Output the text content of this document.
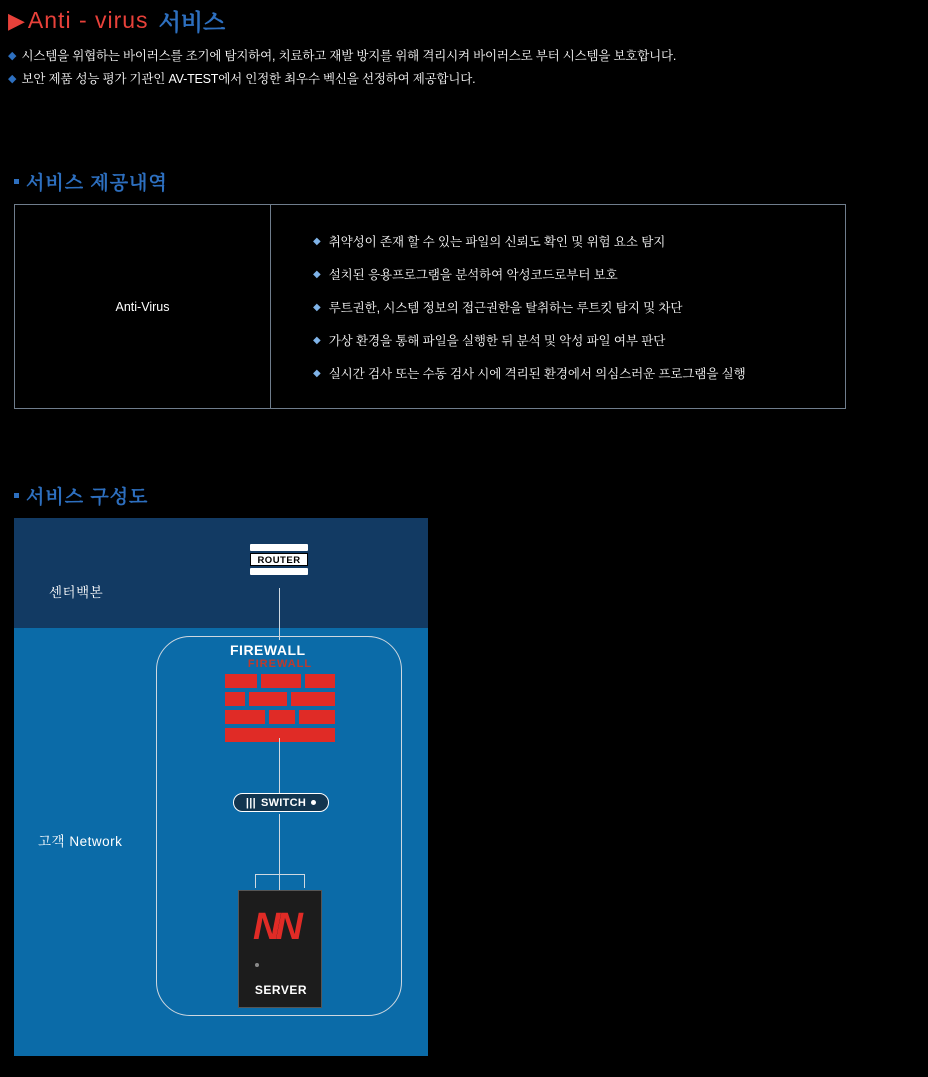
▶ Anti - virus 서비스
◆ 시스템을 위협하는 바이러스를 조기에 탐지하여, 치료하고 재발 방지를 위해 격리시켜 바이러스로 부터 시스템을 보호합니다.
◆ 보안 제품 성능 평가 기관인 AV-TEST에서 인정한 최우수 벡신을 선정하여 제공합니다.
서비스 제공내역
Anti-Virus
◆ 취약성이 존재 할 수 있는 파일의 신뢰도 확인 및 위험 요소 탐지
◆ 설치된 응용프로그램을 분석하여 악성코드로부터 보호
◆ 루트권한, 시스템 정보의 접근권한을 탈취하는 루트킷 탐지 및 차단
◆ 가상 환경을 통해 파일을 실행한 뒤 분석 및 악성 파일 여부 판단
◆ 실시간 검사 또는 수동 검사 시에 격리된 환경에서 의심스러운 프로그램을 실행
서비스 구성도
센터백본
고객 Network
ROUTER
FIREWALL
FIREWALL
||| SWITCH
NN
SERVER
